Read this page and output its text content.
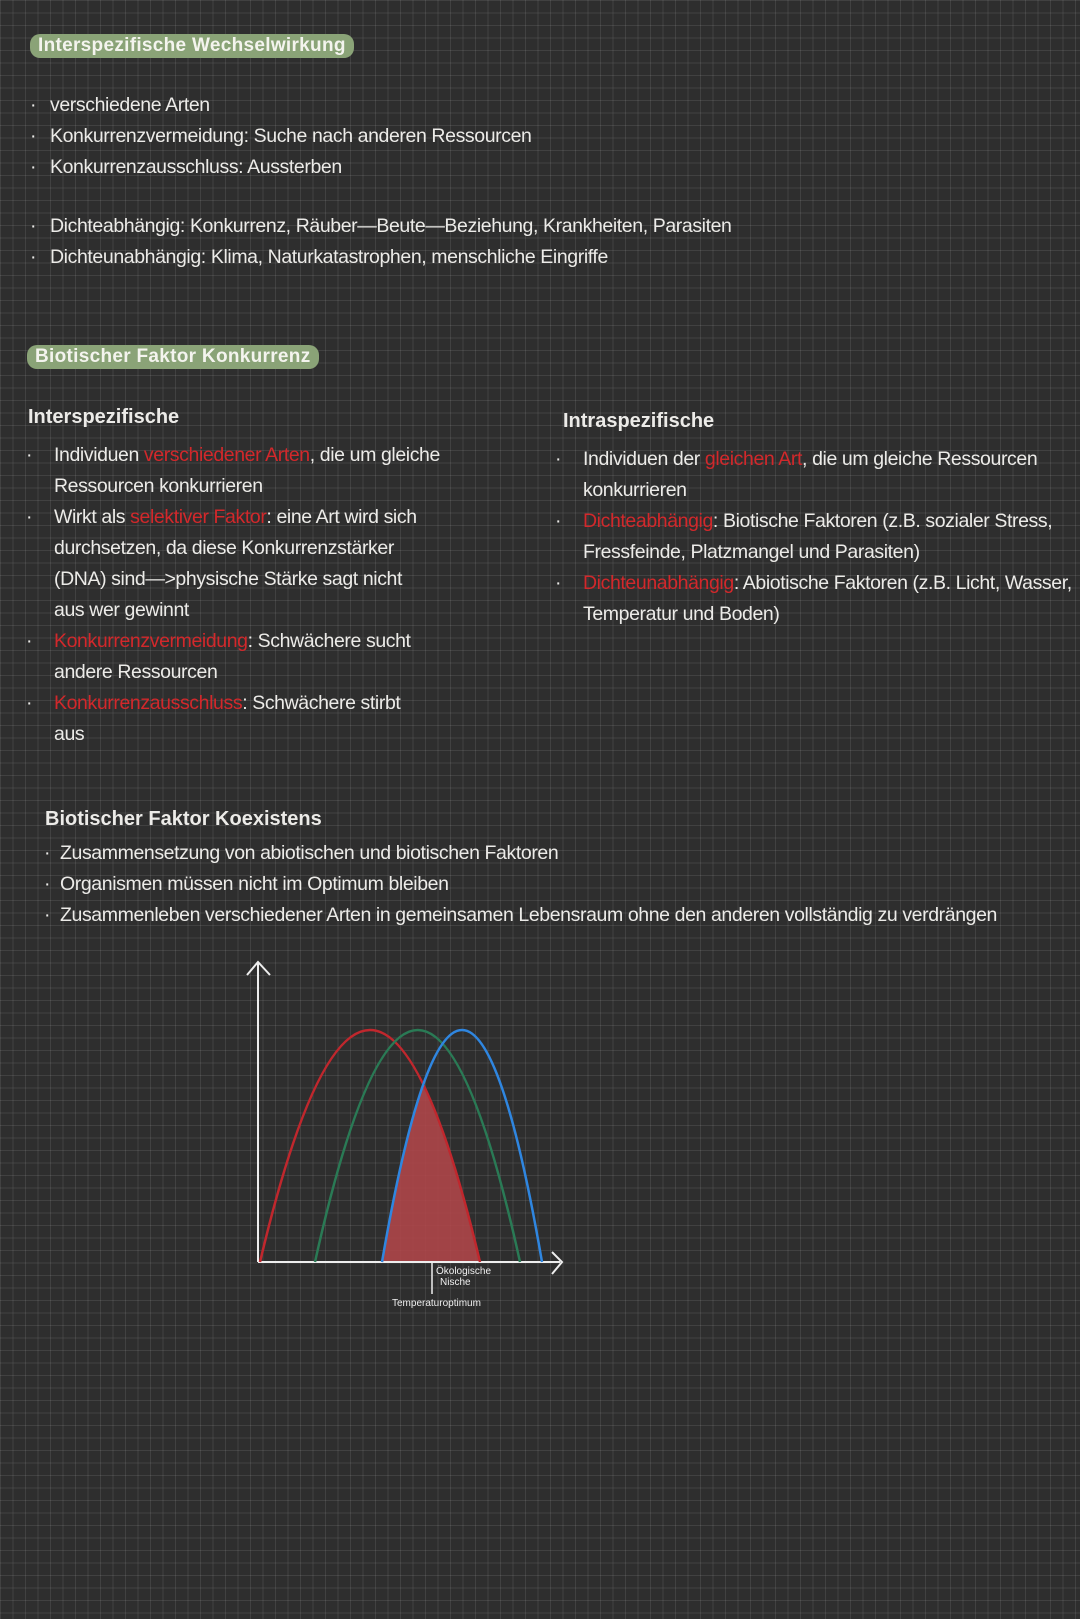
Interspezifische Wechselwirkung
· verschiedene Arten
· Konkurrenzvermeidung: Suche nach anderen Ressourcen
· Konkurrenzausschluss: Aussterben
· Dichteabhängig: Konkurrenz, Räuber—Beute—Beziehung, Krankheiten, Parasiten
· Dichteunabhängig: Klima, Naturkatastrophen, menschliche Eingriffe
Biotischer Faktor Konkurrenz
Interspezifische
· Individuen verschiedener Arten, die um gleiche
Ressourcen konkurrieren
· Wirkt als selektiver Faktor: eine Art wird sich
durchsetzen, da diese Konkurrenzstärker
(DNA) sind—>physische Stärke sagt nicht
aus wer gewinnt
· Konkurrenzvermeidung: Schwächere sucht
andere Ressourcen
· Konkurrenzausschluss: Schwächere stirbt
aus
Intraspezifische
· Individuen der gleichen Art, die um gleiche Ressourcen
konkurrieren
· Dichteabhängig: Biotische Faktoren (z.B. sozialer Stress,
Fressfeinde, Platzmangel und Parasiten)
· Dichteunabhängig: Abiotische Faktoren (z.B. Licht, Wasser,
Temperatur und Boden)
Biotischer Faktor Koexistens
· Zusammensetzung von abiotischen und biotischen Faktoren
· Organismen müssen nicht im Optimum bleiben
· Zusammenleben verschiedener Arten in gemeinsamen Lebensraum ohne den anderen vollständig zu verdrängen
Ökologische
Nische
Temperaturoptimum
